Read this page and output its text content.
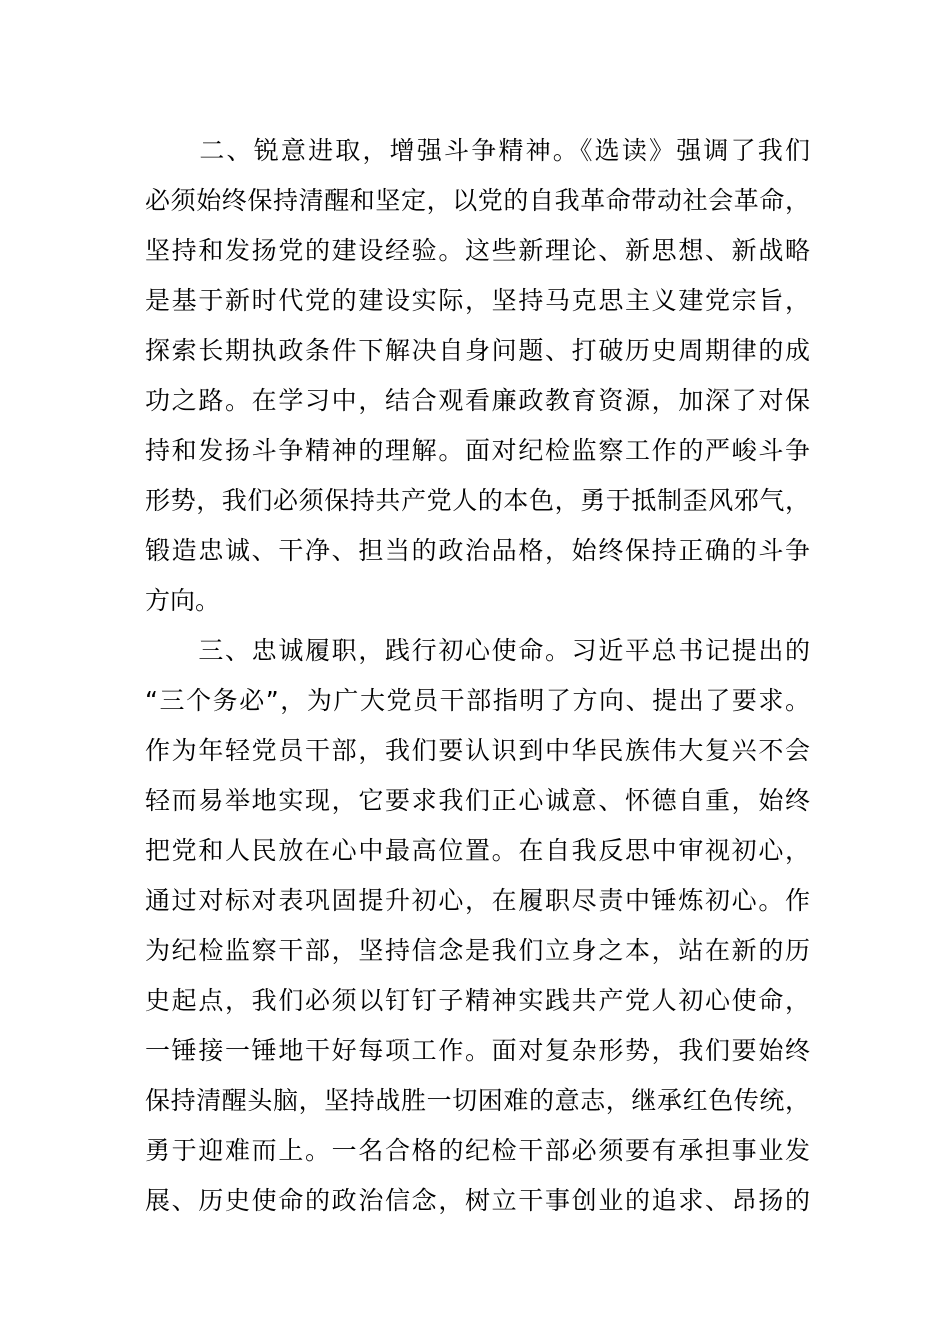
　　二、锐意进取，增强斗争精神。《选读》强调了我们
必须始终保持清醒和坚定，以党的自我革命带动社会革命，
坚持和发扬党的建设经验。这些新理论、新思想、新战略
是基于新时代党的建设实际，坚持马克思主义建党宗旨，
探索长期执政条件下解决自身问题、打破历史周期律的成
功之路。在学习中，结合观看廉政教育资源，加深了对保
持和发扬斗争精神的理解。面对纪检监察工作的严峻斗争
形势，我们必须保持共产党人的本色，勇于抵制歪风邪气，
锻造忠诚、干净、担当的政治品格，始终保持正确的斗争
方向。
　　三、忠诚履职，践行初心使命。习近平总书记提出的
“三个务必”，为广大党员干部指明了方向、提出了要求。
作为年轻党员干部，我们要认识到中华民族伟大复兴不会
轻而易举地实现，它要求我们正心诚意、怀德自重，始终
把党和人民放在心中最高位置。在自我反思中审视初心，
通过对标对表巩固提升初心，在履职尽责中锤炼初心。作
为纪检监察干部，坚持信念是我们立身之本，站在新的历
史起点，我们必须以钉钉子精神实践共产党人初心使命，
一锤接一锤地干好每项工作。面对复杂形势，我们要始终
保持清醒头脑，坚持战胜一切困难的意志，继承红色传统，
勇于迎难而上。一名合格的纪检干部必须要有承担事业发
展、历史使命的政治信念，树立干事创业的追求、昂扬的
